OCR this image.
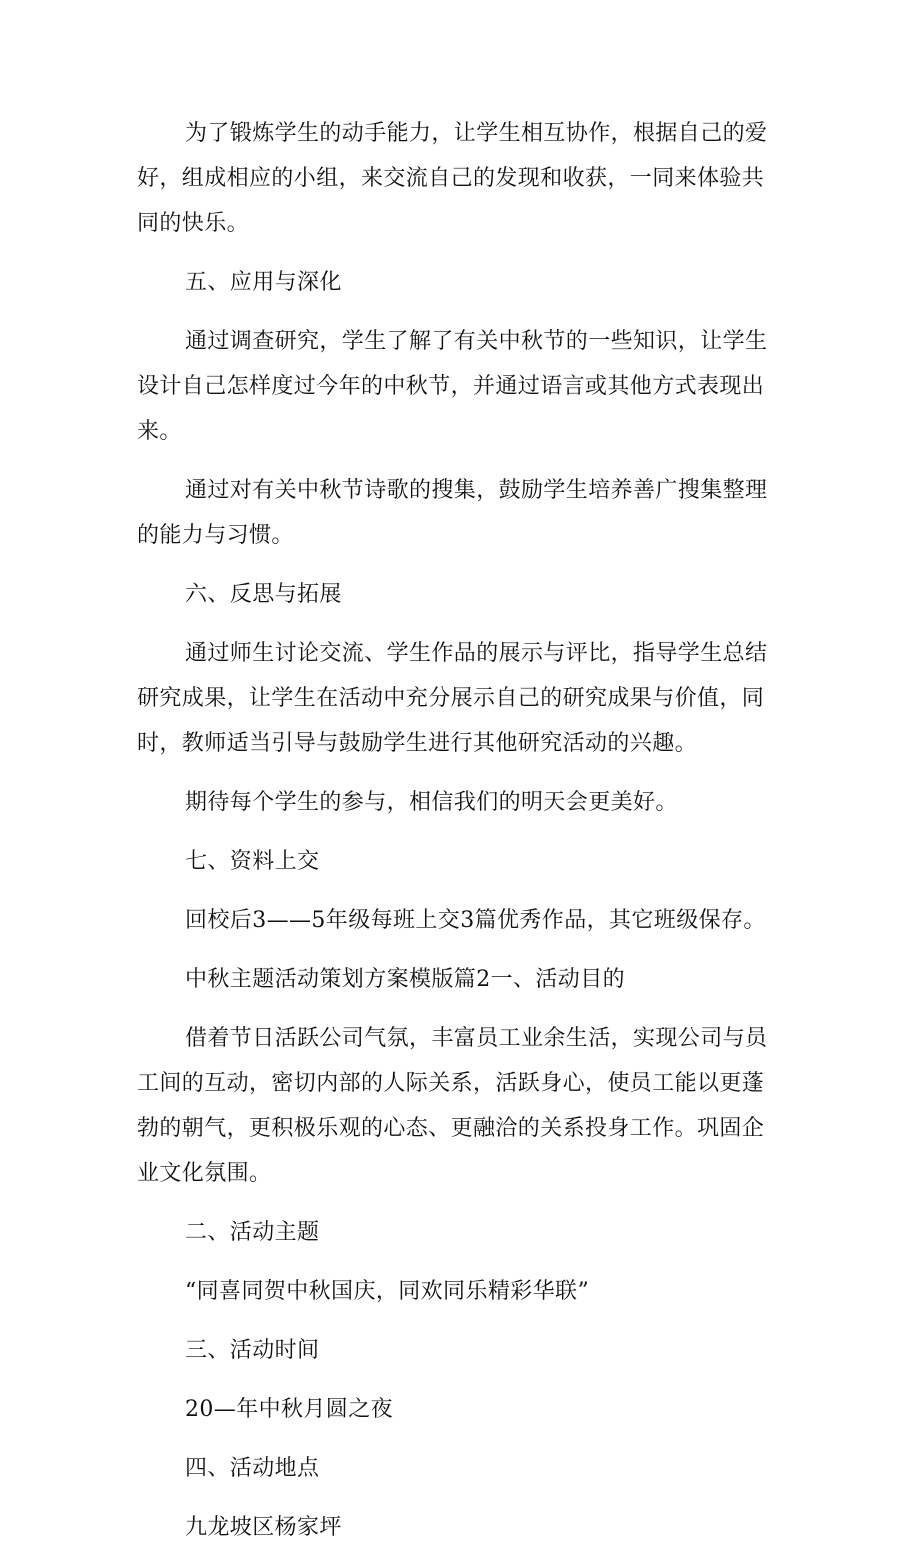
为了锻炼学生的动手能力，让学生相互协作，根据自己的爱好，组成相应的小组，来交流自己的发现和收获，一同来体验共同的快乐。

五、应用与深化

通过调查研究，学生了解了有关中秋节的一些知识，让学生设计自己怎样度过今年的中秋节，并通过语言或其他方式表现出来。

通过对有关中秋节诗歌的搜集，鼓励学生培养善广搜集整理的能力与习惯。

六、反思与拓展

通过师生讨论交流、学生作品的展示与评比，指导学生总结研究成果，让学生在活动中充分展示自己的研究成果与价值，同时，教师适当引导与鼓励学生进行其他研究活动的兴趣。

期待每个学生的参与，相信我们的明天会更美好。

七、资料上交

回校后3——5年级每班上交3篇优秀作品，其它班级保存。

中秋主题活动策划方案模版篇2一、活动目的

借着节日活跃公司气氛，丰富员工业余生活，实现公司与员工间的互动，密切内部的人际关系，活跃身心，使员工能以更蓬勃的朝气，更积极乐观的心态、更融洽的关系投身工作。巩固企业文化氛围。

二、活动主题

“同喜同贺中秋国庆，同欢同乐精彩华联”

三、活动时间

20—年中秋月圆之夜

四、活动地点

九龙坡区杨家坪
